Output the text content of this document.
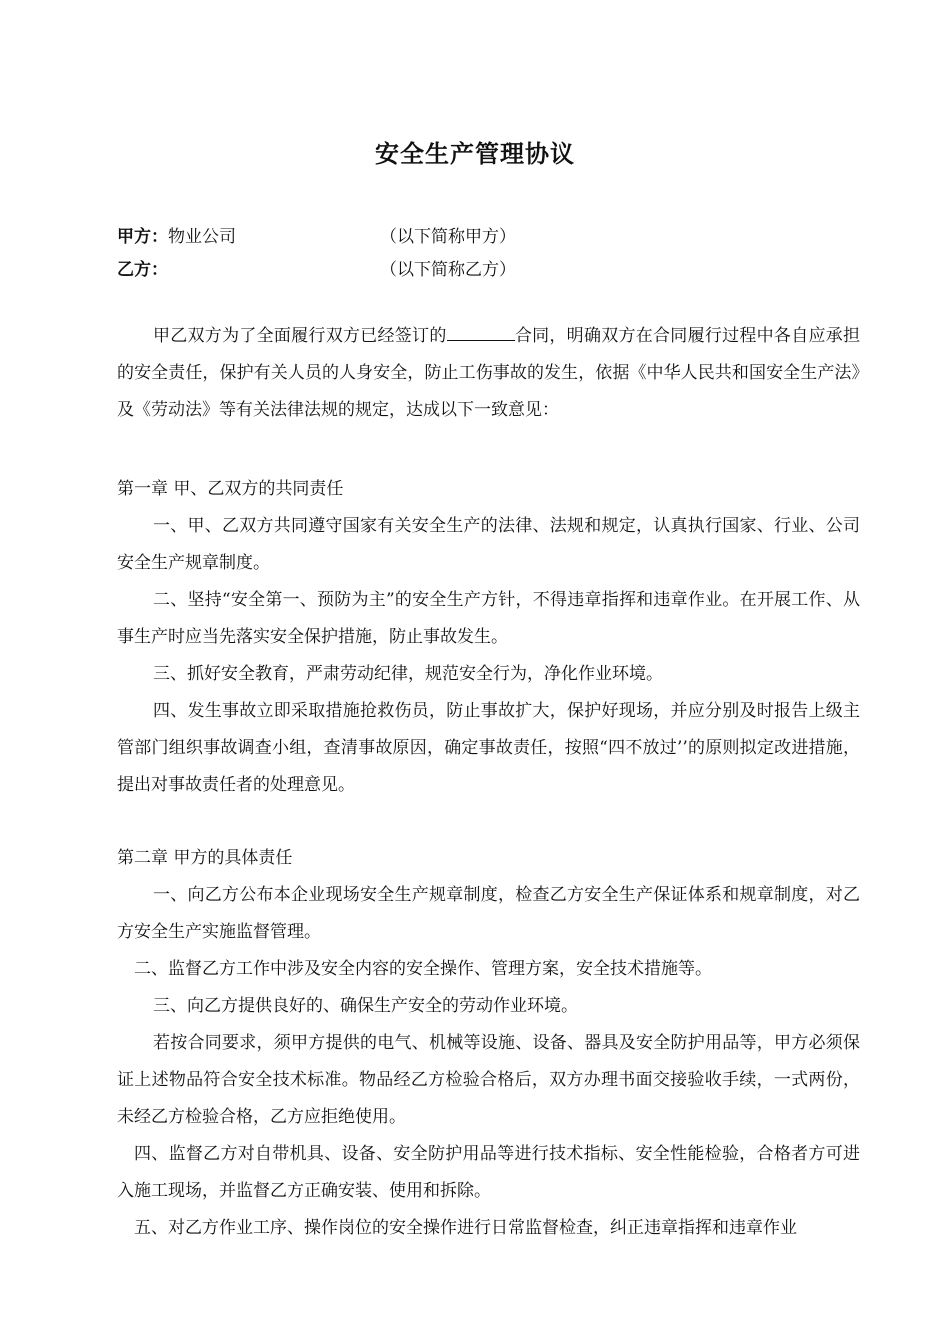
安全生产管理协议
甲方：物业公司	（以下简称甲方）
乙方：	（以下简称乙方）

甲乙双方为了全面履行双方已经签订的	合同，明确双方在合同履行过程中各自应承担的安全责任，保护有关人员的人身安全，防止工伤事故的发生，依据《中华人民共和国安全生产法》及《劳动法》等有关法律法规的规定，达成以下一致意见：

第一章 甲、乙双方的共同责任

一、甲、乙双方共同遵守国家有关安全生产的法律、法规和规定，认真执行国家、行业、公司安全生产规章制度。

二、坚持“安全第一、预防为主”的安全生产方针，不得违章指挥和违章作业。在开展工作、从事生产时应当先落实安全保护措施，防止事故发生。

三、抓好安全教育，严肃劳动纪律，规范安全行为，净化作业环境。

四、发生事故立即采取措施抢救伤员，防止事故扩大，保护好现场，并应分别及时报告上级主管部门组织事故调查小组，查清事故原因，确定事故责任，按照“四不放过’’的原则拟定改进措施，提出对事故责任者的处理意见。

第二章 甲方的具体责任

一、向乙方公布本企业现场安全生产规章制度，检查乙方安全生产保证体系和规章制度，对乙方安全生产实施监督管理。

二、监督乙方工作中涉及安全内容的安全操作、管理方案，安全技术措施等。

三、向乙方提供良好的、确保生产安全的劳动作业环境。

若按合同要求，须甲方提供的电气、机械等设施、设备、器具及安全防护用品等，甲方必须保证上述物品符合安全技术标准。物品经乙方检验合格后，双方办理书面交接验收手续，一式两份，未经乙方检验合格，乙方应拒绝使用。

四、监督乙方对自带机具、设备、安全防护用品等进行技术指标、安全性能检验，合格者方可进入施工现场，并监督乙方正确安装、使用和拆除。

五、对乙方作业工序、操作岗位的安全操作进行日常监督检查，纠正违章指挥和违章作业
